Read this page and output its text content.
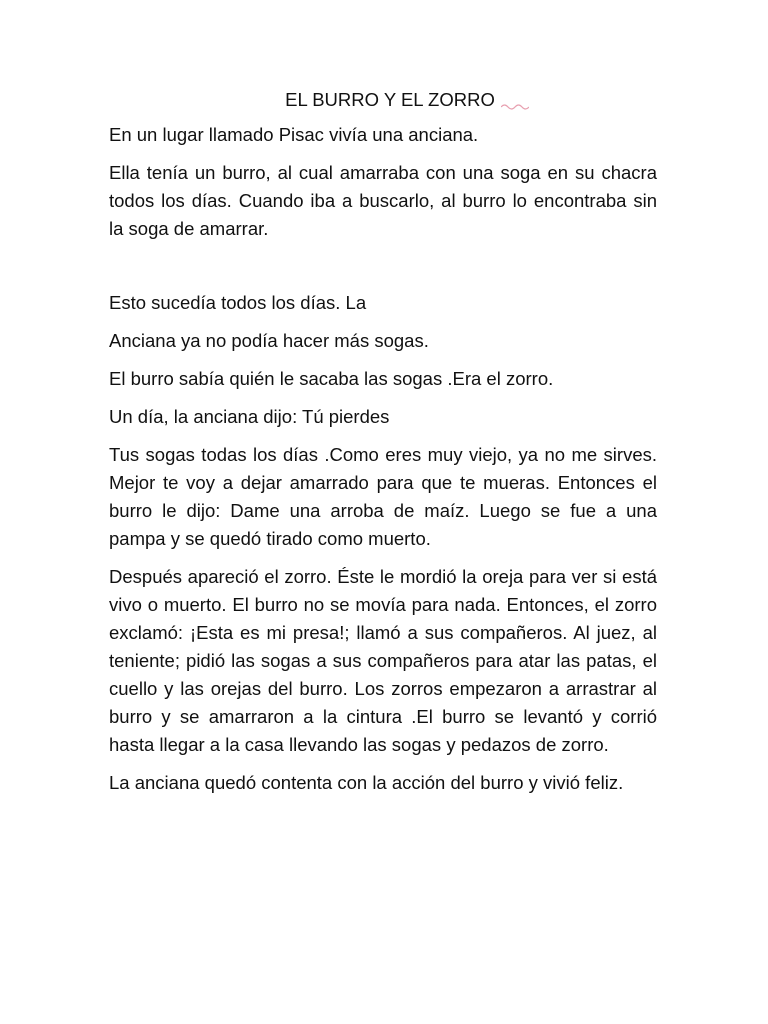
EL BURRO Y EL ZORRO

En un lugar llamado Pisac vivía una anciana.

Ella tenía un burro, al cual amarraba con una soga en su chacra todos los días. Cuando iba a buscarlo, al burro lo encontraba sin la soga de amarrar.

Esto sucedía todos los días. La

Anciana ya no podía hacer más sogas.

El burro sabía quién le sacaba las sogas .Era el zorro.

Un día, la anciana dijo: Tú pierdes

Tus sogas todas los días .Como eres muy viejo, ya no me sirves. Mejor te voy a dejar amarrado para que te mueras. Entonces el burro le dijo: Dame una arroba de maíz. Luego se fue a una pampa y se quedó tirado como muerto.

Después apareció el zorro. Éste le mordió la oreja para ver si está vivo o muerto. El burro no se movía para nada. Entonces, el zorro exclamó: ¡Esta es mi presa!; llamó a sus compañeros. Al juez, al teniente; pidió las sogas a sus compañeros para atar las patas, el cuello y las orejas del burro. Los zorros empezaron a arrastrar al burro y se amarraron a la cintura .El burro se levantó y corrió hasta llegar a la casa llevando las sogas y pedazos de zorro.

La anciana quedó contenta con la acción del burro y vivió feliz.
